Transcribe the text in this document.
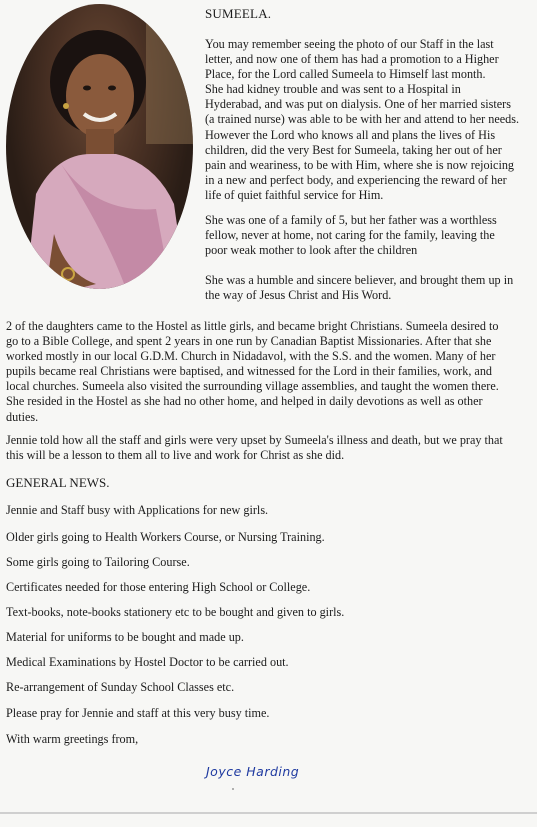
SUMEELA.

You may remember seeing the photo of our Staff in the last
letter, and now one of them has had a promotion to a Higher
Place, for the Lord called Sumeela to Himself last month.
She had kidney trouble and was sent to a Hospital in
Hyderabad, and was put on dialysis. One of her married sisters
(a trained nurse) was able to be with her and attend to her needs.
However the Lord who knows all and plans the lives of His
children, did the very Best for Sumeela, taking her out of her
pain and weariness, to be with Him, where she is now rejoicing
in a new and perfect body, and experiencing the reward of her
life of quiet faithful service for Him.

She was one of a family of 5, but her father was a worthless
fellow, never at home, not caring for the family, leaving the
poor weak mother to look after the children

She was a humble and sincere believer, and brought them up in
the way of Jesus Christ and His Word.

2 of the daughters came to the Hostel as little girls, and became bright Christians. Sumeela desired to
go to a Bible College, and spent 2 years in one run by Canadian Baptist Missionaries. After that she
worked mostly in our local G.D.M. Church in Nidadavol, with the S.S. and the women. Many of her
pupils became real Christians were baptised, and witnessed for the Lord in their families, work, and
local churches. Sumeela also visited the surrounding village assemblies, and taught the women there.
She resided in the Hostel as she had no other home, and helped in daily devotions as well as other
duties.

Jennie told how all the staff and girls were very upset by Sumeela's illness and death, but we pray that
this will be a lesson to them all to live and work for Christ as she did.

GENERAL NEWS.
Jennie and Staff busy with Applications for new girls.
Older girls going to Health Workers Course, or Nursing Training.
Some girls going to Tailoring Course.
Certificates needed for those entering High School or College.
Text-books, note-books stationery etc to be bought and given to girls.
Material for uniforms to be bought and made up.
Medical Examinations by Hostel Doctor to be carried out.
Re-arrangement of Sunday School Classes etc.
Please pray for Jennie and staff at this very busy time.
With warm greetings from,
Joyce Harding
